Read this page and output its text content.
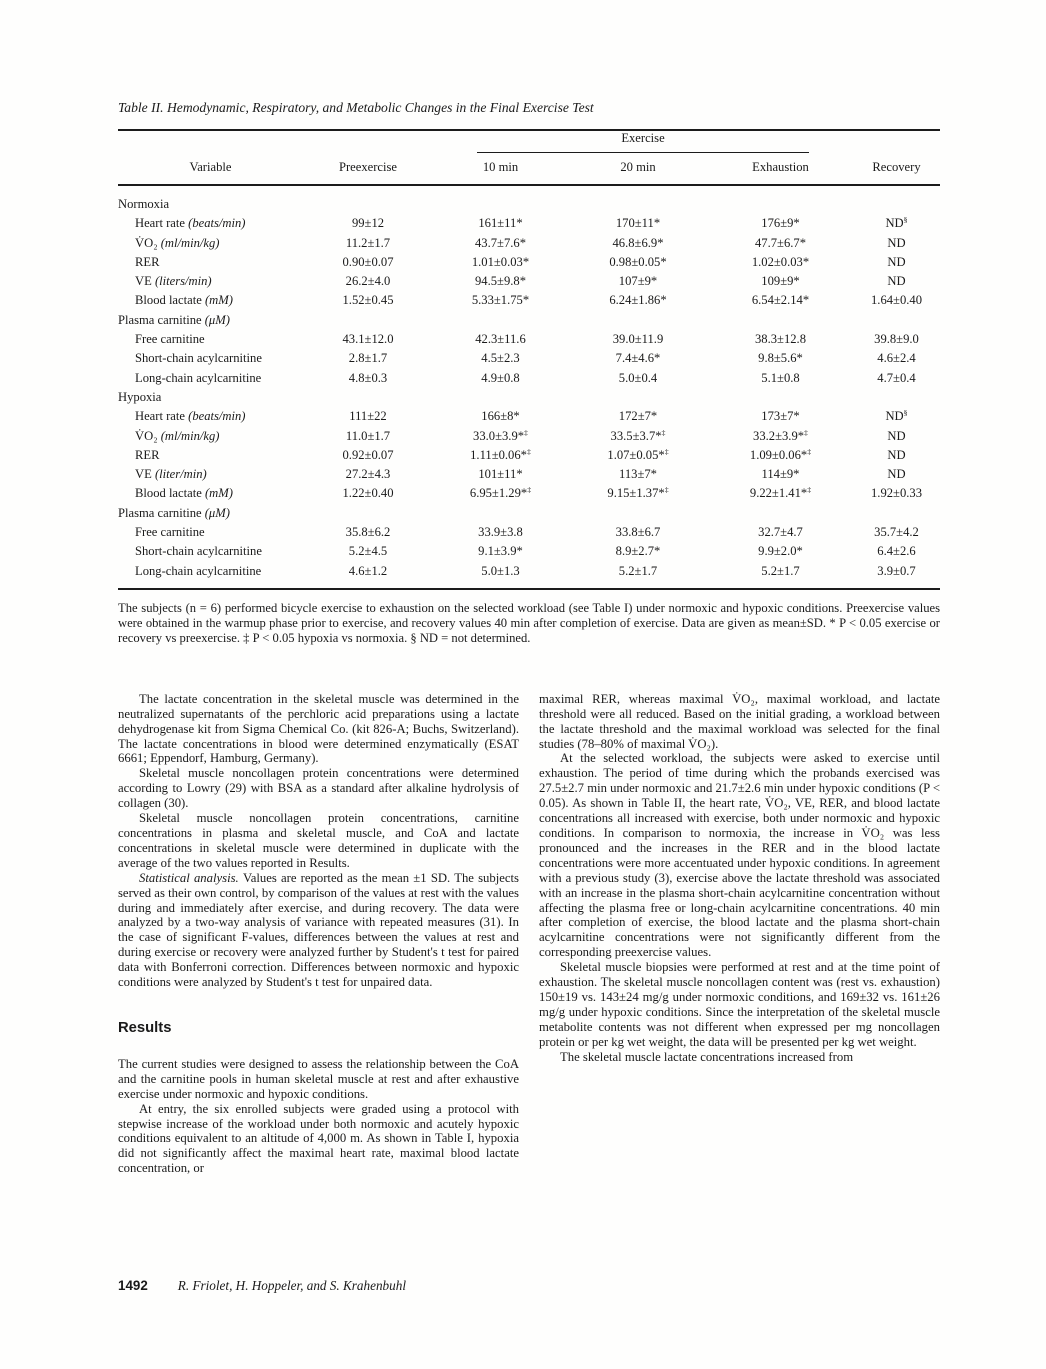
Table II. Hemodynamic, Respiratory, and Metabolic Changes in the Final Exercise Test

		Exercise			

Variable	Preexercise	10 min	20 min	Exhaustion	Recovery
Normoxia					
Heart rate (beats/min)	99±12	161±11*	170±11*	176±9*	ND§
V̇O₂ (ml/min/kg)	11.2±1.7	43.7±7.6*	46.8±6.9*	47.7±6.7*	ND
RER	0.90±0.07	1.01±0.03*	0.98±0.05*	1.02±0.03*	ND
VE (liters/min)	26.2±4.0	94.5±9.8*	107±9*	109±9*	ND
Blood lactate (mM)	1.52±0.45	5.33±1.75*	6.24±1.86*	6.54±2.14*	1.64±0.40
Plasma carnitine (μM)					
Free carnitine	43.1±12.0	42.3±11.6	39.0±11.9	38.3±12.8	39.8±9.0
Short-chain acylcarnitine	2.8±1.7	4.5±2.3	7.4±4.6*	9.8±5.6*	4.6±2.4
Long-chain acylcarnitine	4.8±0.3	4.9±0.8	5.0±0.4	5.1±0.8	4.7±0.4
Hypoxia					
Heart rate (beats/min)	111±22	166±8*	172±7*	173±7*	ND§
V̇O₂ (ml/min/kg)	11.0±1.7	33.0±3.9*‡	33.5±3.7*‡	33.2±3.9*‡	ND
RER	0.92±0.07	1.11±0.06*‡	1.07±0.05*‡	1.09±0.06*‡	ND
VE (liter/min)	27.2±4.3	101±11*	113±7*	114±9*	ND
Blood lactate (mM)	1.22±0.40	6.95±1.29*‡	9.15±1.37*‡	9.22±1.41*‡	1.92±0.33
Plasma carnitine (μM)					
Free carnitine	35.8±6.2	33.9±3.8	33.8±6.7	32.7±4.7	35.7±4.2
Short-chain acylcarnitine	5.2±4.5	9.1±3.9*	8.9±2.7*	9.9±2.0*	6.4±2.6
Long-chain acylcarnitine	4.6±1.2	5.0±1.3	5.2±1.7	5.2±1.7	3.9±0.7

The subjects (n = 6) performed bicycle exercise to exhaustion on the selected workload (see Table I) under normoxic and hypoxic conditions. Preexercise values were obtained in the warmup phase prior to exercise, and recovery values 40 min after completion of exercise. Data are given as mean±SD. * P < 0.05 exercise or recovery vs preexercise. ‡ P < 0.05 hypoxia vs normoxia. § ND = not determined.

The lactate concentration in the skeletal muscle was determined in the neutralized supernatants of the perchloric acid preparations using a lactate dehydrogenase kit from Sigma Chemical Co. (kit 826-A; Buchs, Switzerland). The lactate concentrations in blood were determined enzymatically (ESAT 6661; Eppendorf, Hamburg, Germany).

Skeletal muscle noncollagen protein concentrations were determined according to Lowry (29) with BSA as a standard after alkaline hydrolysis of collagen (30).

Skeletal muscle noncollagen protein concentrations, carnitine concentrations in plasma and skeletal muscle, and CoA and lactate concentrations in skeletal muscle were determined in duplicate with the average of the two values reported in Results.

Statistical analysis. Values are reported as the mean ±1 SD. The subjects served as their own control, by comparison of the values at rest with the values during and immediately after exercise, and during recovery. The data were analyzed by a two-way analysis of variance with repeated measures (31). In the case of significant F-values, differences between the values at rest and during exercise or recovery were analyzed further by Student's t test for paired data with Bonferroni correction. Differences between normoxic and hypoxic conditions were analyzed by Student's t test for unpaired data.

Results

The current studies were designed to assess the relationship between the CoA and the carnitine pools in human skeletal muscle at rest and after exhaustive exercise under normoxic and hypoxic conditions.

At entry, the six enrolled subjects were graded using a protocol with stepwise increase of the workload under both normoxic and acutely hypoxic conditions equivalent to an altitude of 4,000 m. As shown in Table I, hypoxia did not significantly affect the maximal heart rate, maximal blood lactate concentration, or

maximal RER, whereas maximal V̇O₂, maximal workload, and lactate threshold were all reduced. Based on the initial grading, a workload between the lactate threshold and the maximal workload was selected for the final studies (78–80% of maximal V̇O₂).

At the selected workload, the subjects were asked to exercise until exhaustion. The period of time during which the probands exercised was 27.5±2.7 min under normoxic and 21.7±2.6 min under hypoxic conditions (P < 0.05). As shown in Table II, the heart rate, V̇O₂, VE, RER, and blood lactate concentrations all increased with exercise, both under normoxic and hypoxic conditions. In comparison to normoxia, the increase in V̇O₂ was less pronounced and the increases in the RER and in the blood lactate concentrations were more accentuated under hypoxic conditions. In agreement with a previous study (3), exercise above the lactate threshold was associated with an increase in the plasma short-chain acylcarnitine concentration without affecting the plasma free or long-chain acylcarnitine concentrations. 40 min after completion of exercise, the blood lactate and the plasma short-chain acylcarnitine concentrations were not significantly different from the corresponding preexercise values.

Skeletal muscle biopsies were performed at rest and at the time point of exhaustion. The skeletal muscle noncollagen content was (rest vs. exhaustion) 150±19 vs. 143±24 mg/g under normoxic conditions, and 169±32 vs. 161±26 mg/g under hypoxic conditions. Since the interpretation of the skeletal muscle metabolite contents was not different when expressed per mg noncollagen protein or per kg wet weight, the data will be presented per kg wet weight.

The skeletal muscle lactate concentrations increased from

1492 R. Friolet, H. Hoppeler, and S. Krahenbuhl
